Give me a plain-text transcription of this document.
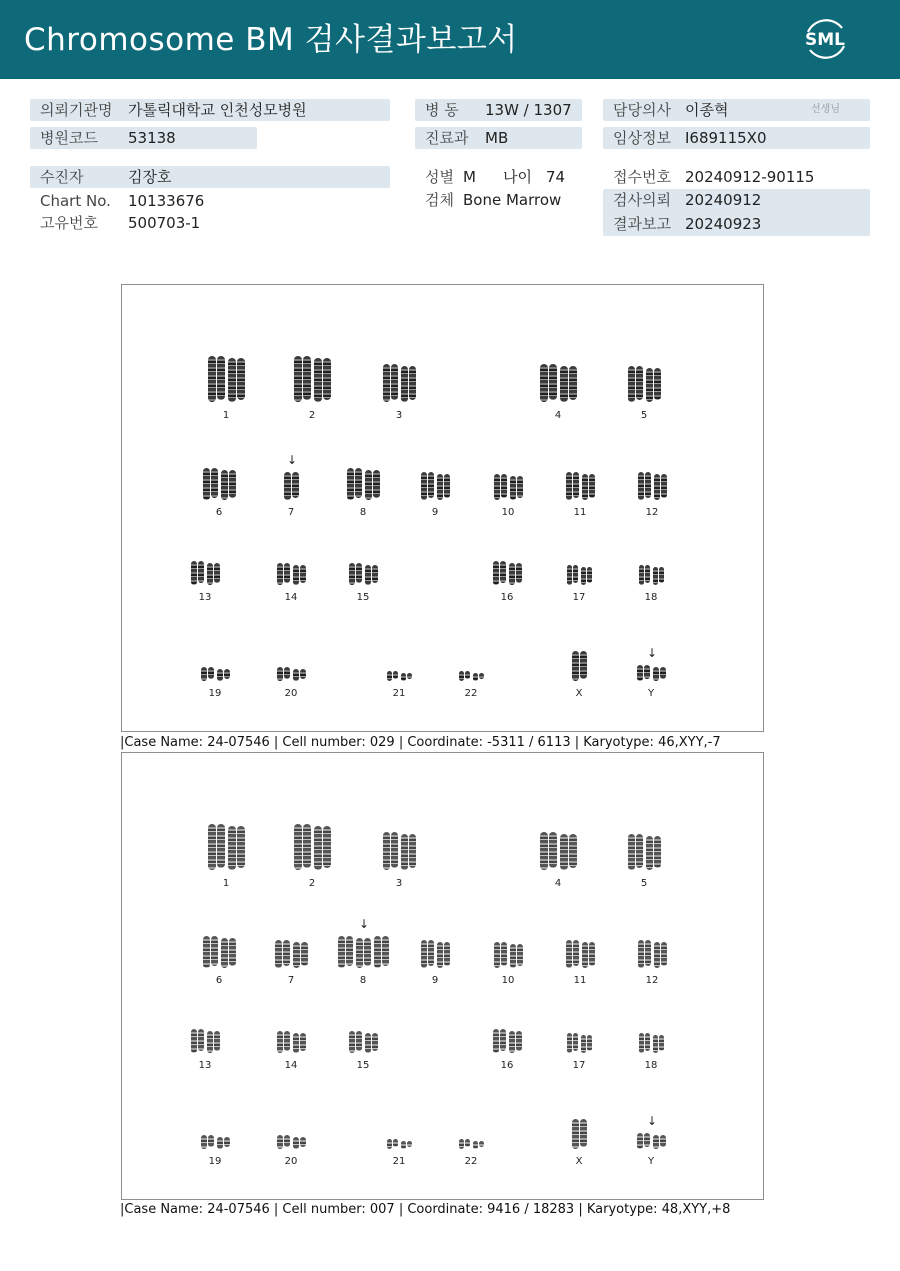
Chromosome BM 검사결과보고서	SML
의뢰기관명 가톨릭대학교 인천성모병원
병원코드 53138
수진자	김장호
Chart No. 10133676
고유번호 500703-1
병 동 13W / 1307
진료과 MB
성별 M 나이 74
검체 Bone Marrow
담당의사 이종혁	선생님
임상정보 I689115X0
접수번호 20240912-90115
검사의뢰 20240912
결과보고 20240923
1	2	3	4	5
6	7
↓
8	9	10	11	12
13	14	15	16	17	18
19	20	21	22	X	Y
↓
|Case Name: 24-07546 | Cell number: 029 | Coordinate: -5311 / 6113 | Karyotype: 46,XYY,-7
1	2	3	4	5
6	7	8
↓
9	10	11	12
13	14	15	16	17	18
19	20	21	22	X	Y
↓
|Case Name: 24-07546 | Cell number: 007 | Coordinate: 9416 / 18283 | Karyotype: 48,XYY,+8
